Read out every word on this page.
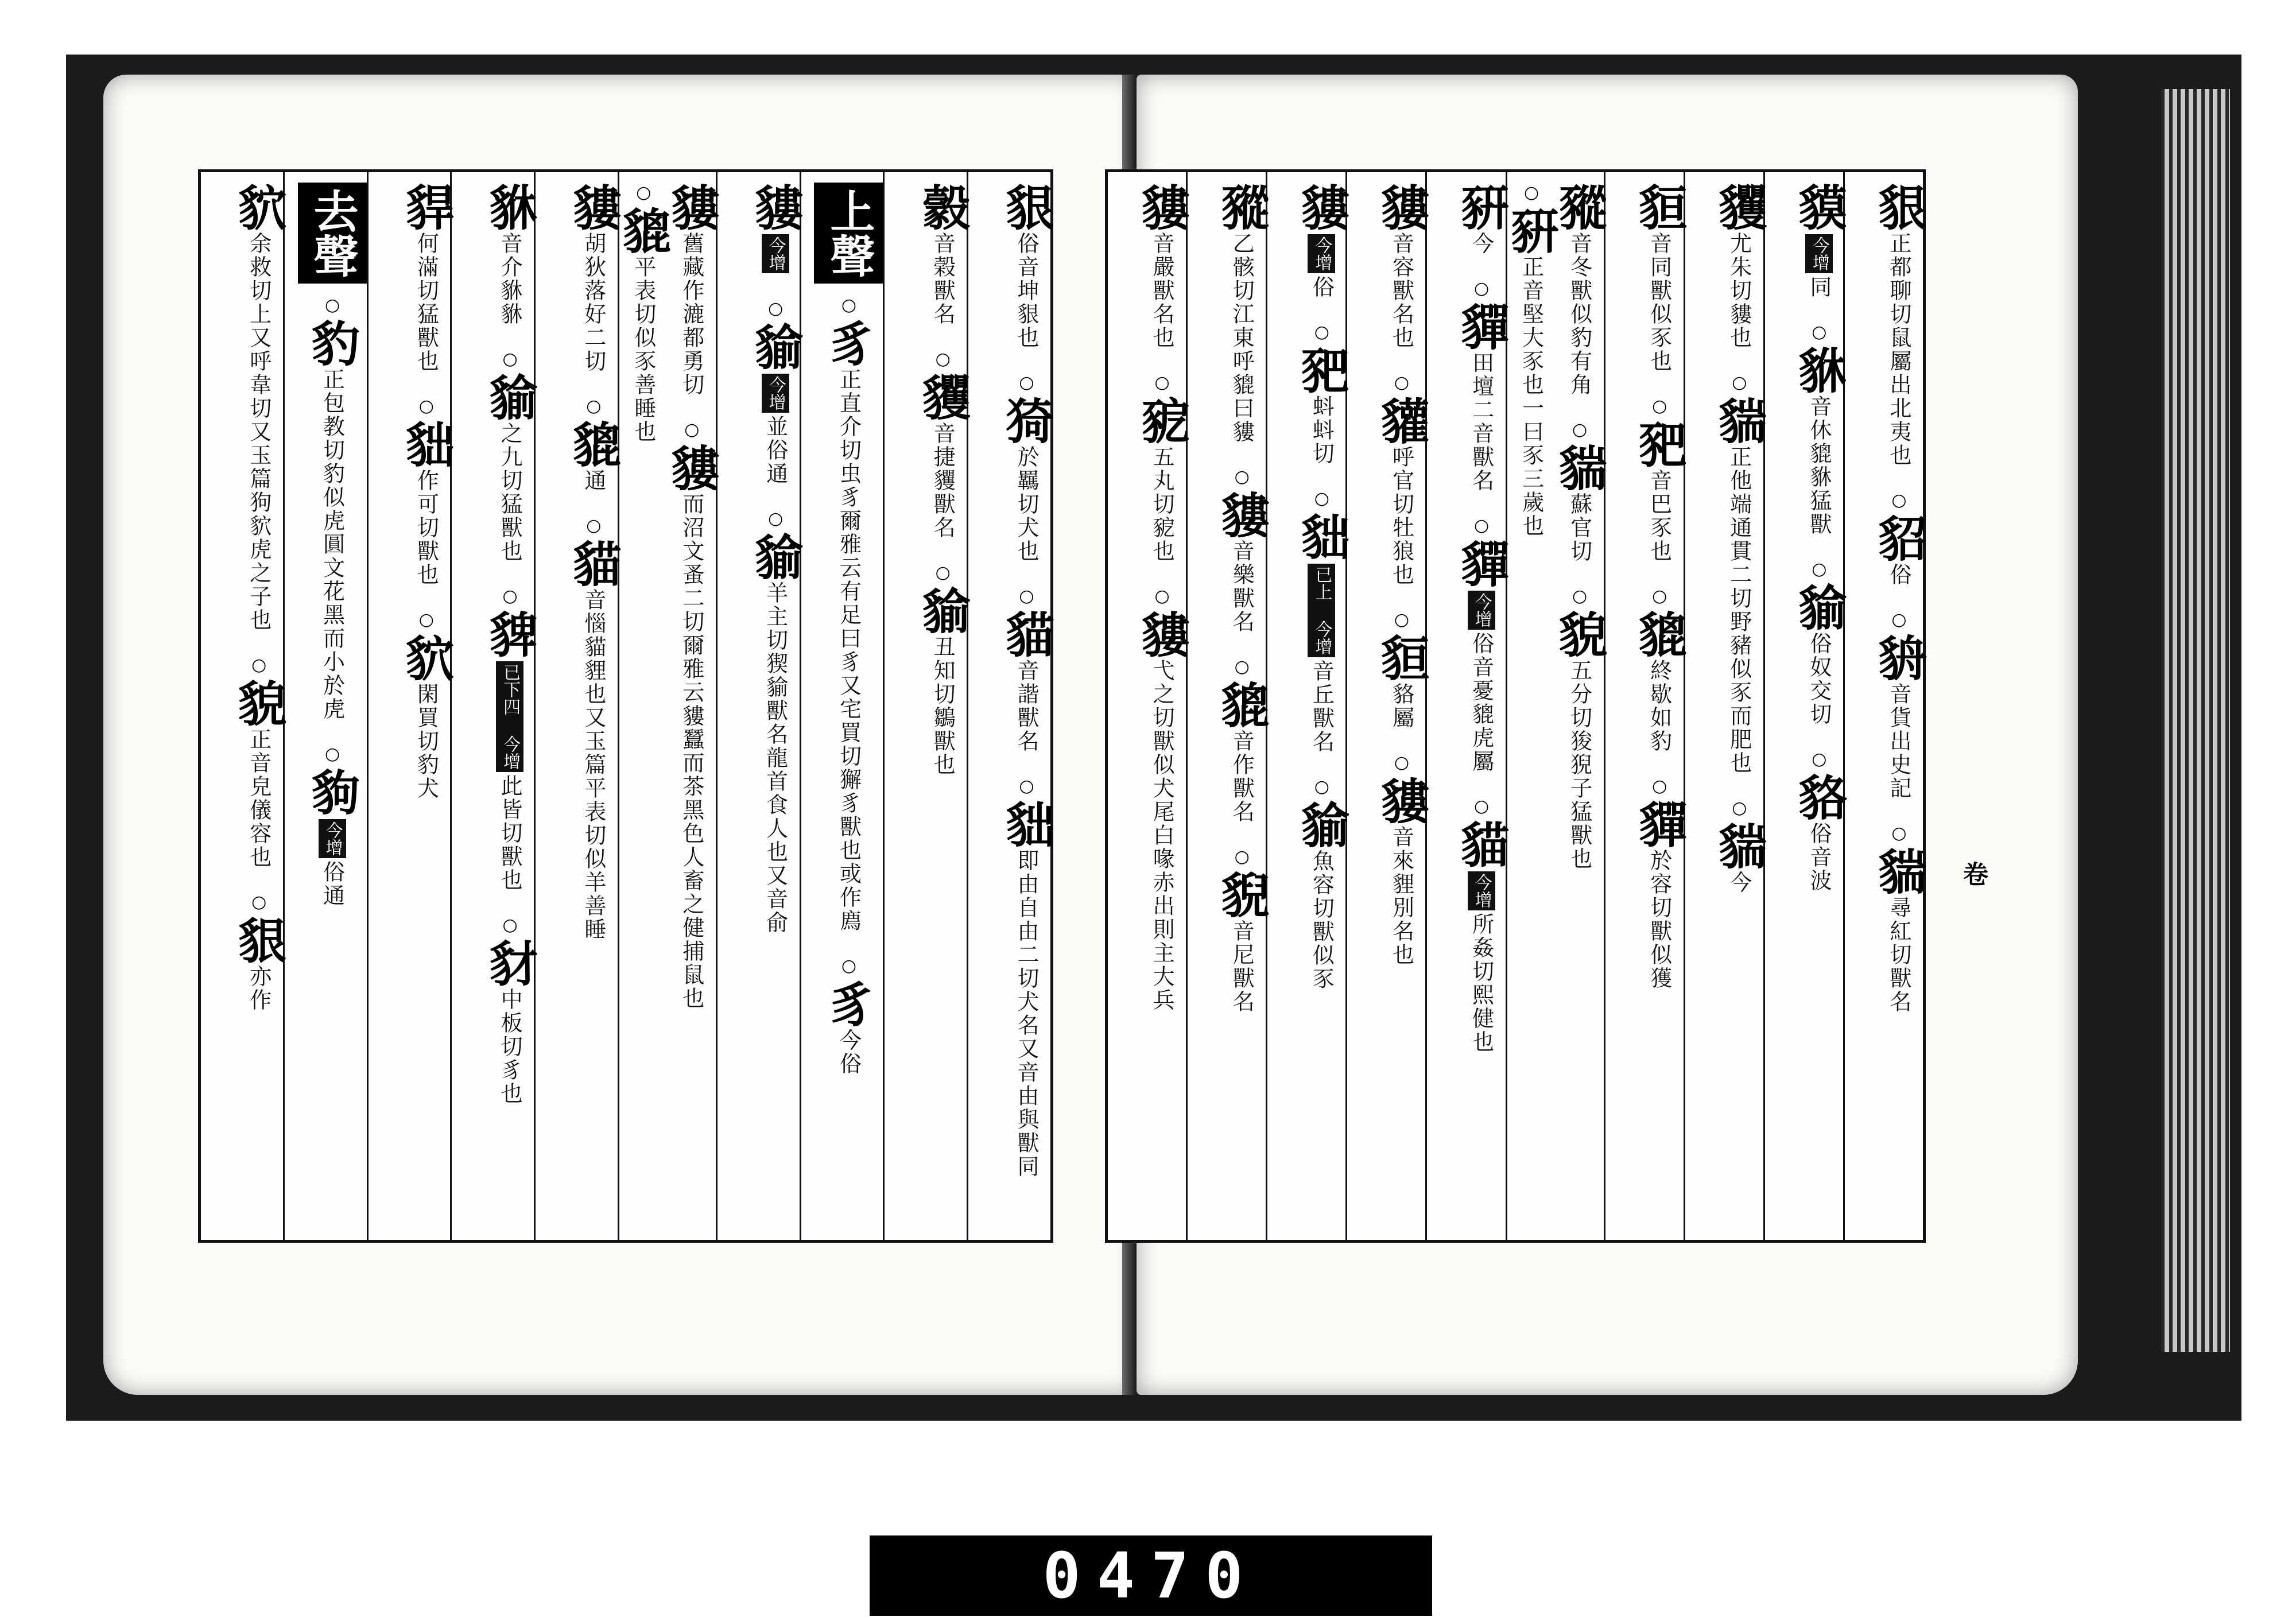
卷
貇俗音坤貇也○猗於羈切犬也○貓音諧獸名○貀即由自由二切犬名又音由與獸同
豰音榖獸名○貜音捷貜獸名○貐丑知切鶵獸也
上聲○豸正直介切虫豸爾雅云有足曰豸又宅買切獬豸獸也或作廌○豸今俗
貗今增○貐今增並俗通○貐羊主切猰貐獸名龍首食人也又音俞
貗舊藏作漉都勇切○貗而沼文蚤二切爾雅云貗蠶而茶黑色人畜之健捕鼠也○貔平表切似豕善睡也
貗胡狄落好二切○貔通○貓音惱貓貍也又玉篇平表切似羊善睡
貅音介貅貅○貐之九切猛獸也○貏已下四 今增此皆切獸也○豺中板切豸也
貋何滿切猛獸也○貀作可切獸也○貁閑買切豹犬
去聲○豹正包教切豹似虎圓文花黑而小於虎○豿今增俗通
貁余救切上又呼韋切又玉篇狗貁虎之子也○貌正音皃儀容也○貇亦作
貇正都聊切鼠屬出北夷也○貂俗○貈音貨出史記○貒尋紅切獸名
貘今增同○貅音休貔貅猛獸○貐俗奴交切○貉俗音波
貜尤朱切貗也○貒正他端通貫二切野豬似豕而肥也○貒今
貆音同獸似豕也○豝音巴豕也○貔終歇如豹○貚於容切獸似獲
豵音冬獸似豹有角○貒蘇官切○貌五分切狻猊子猛獸也○豣正音堅大豕也一曰豕三歲也
豣今○貚田壇二音獸名○貚今增俗音憂貔虎屬○貓今增所姦切熙健也
貗音容獸名也○貛呼官切牡狼也○貆貉屬○貗音來貍別名也
貗今增俗○豝蚪蚪切○貀已上 今增音丘獸名○貐魚容切獸似豕
豵乙骸切江東呼貔曰貗○貗音樂獸名○貔音作獸名○貎音尼獸名
貗音嚴獸名也○豟五丸切豟也○貗弋之切獸似犬尾白喙赤出則主大兵
0470
